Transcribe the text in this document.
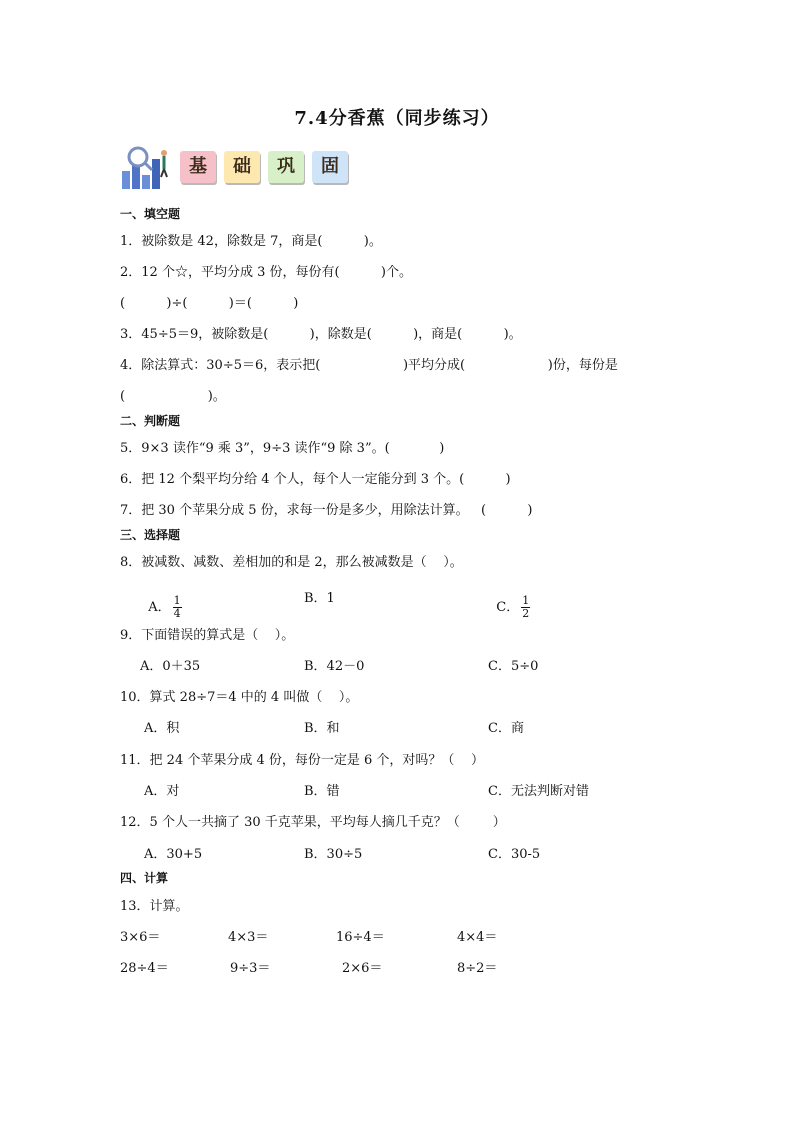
7.4分香蕉（同步练习）
基	础	巩	固
一、填空题
1．被除数是 42，除数是 7，商是(          )。
2．12 个☆，平均分成 3 份，每份有(          )个。
(          )÷(          )＝(          )
3．45÷5＝9，被除数是(          )，除数是(          )，商是(          )。
4．除法算式：30÷5＝6，表示把(                    )平均分成(                    )份，每份是
(                    )。
二、判断题
5．9×3 读作“9 乘 3”，9÷3 读作“9 除 3”。(            )
6．把 12 个梨平均分给 4 个人，每个人一定能分到 3 个。(          )
7．把 30 个苹果分成 5 份，求每一份是多少，用除法计算。   (          )
三、选择题
8．被减数、减数、差相加的和是 2，那么被减数是（    ）。

A． $\frac{1}{4}$	B．1

C． $\frac{1}{2}$

9．下面错误的算式是（    ）。
A．0＋35	B．42－0	C．5÷0
10．算式 28÷7＝4 中的 4 叫做（    ）。
A．积	B．和	C．商
11．把 24 个苹果分成 4 份，每份一定是 6 个，对吗？（    ）
A．对	B．错	C．无法判断对错
12．5 个人一共摘了 30 千克苹果，平均每人摘几千克？（        ）
A．30+5	B．30÷5	C．30-5
四、计算
13．计算。
3×6＝	4×3＝	16÷4＝	4×4＝
28÷4＝	9÷3＝	2×6＝	8÷2＝
